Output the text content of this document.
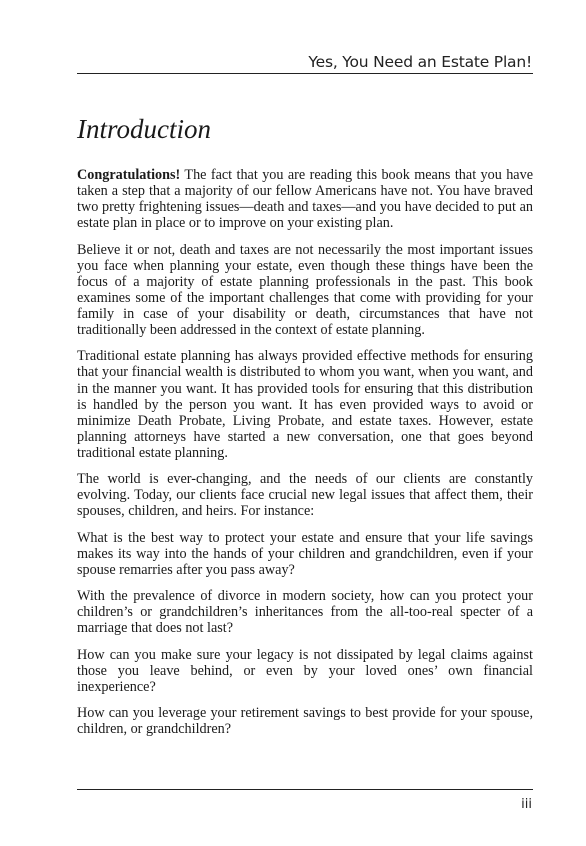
Yes, You Need an Estate Plan!
Introduction

Congratulations! The fact that you are reading this book means that you have taken a step that a majority of our fellow Americans have not. You have braved two pretty frightening issues—death and taxes—and you have decided to put an estate plan in place or to improve on your existing plan.

Believe it or not, death and taxes are not necessarily the most important issues you face when planning your estate, even though these things have been the focus of a majority of estate planning professionals in the past. This book examines some of the important challenges that come with providing for your family in case of your disability or death, circumstances that have not traditionally been addressed in the context of estate planning.

Traditional estate planning has always provided effective methods for ensuring that your financial wealth is distributed to whom you want, when you want, and in the manner you want. It has provided tools for ensuring that this distribution is handled by the person you want. It has even provided ways to avoid or minimize Death Probate, Living Probate, and estate taxes. However, estate planning attorneys have started a new conversation, one that goes beyond traditional estate planning.

The world is ever-changing, and the needs of our clients are constantly evolving. Today, our clients face crucial new legal issues that affect them, their spouses, children, and heirs. For instance:

What is the best way to protect your estate and ensure that your life savings makes its way into the hands of your children and grandchildren, even if your spouse remarries after you pass away?

With the prevalence of divorce in modern society, how can you protect your children’s or grandchildren’s inheritances from the all-too-real specter of a marriage that does not last?

How can you make sure your legacy is not dissipated by legal claims against those you leave behind, or even by your loved ones’ own financial inexperience?

How can you leverage your retirement savings to best provide for your spouse, children, or grandchildren?

iii
